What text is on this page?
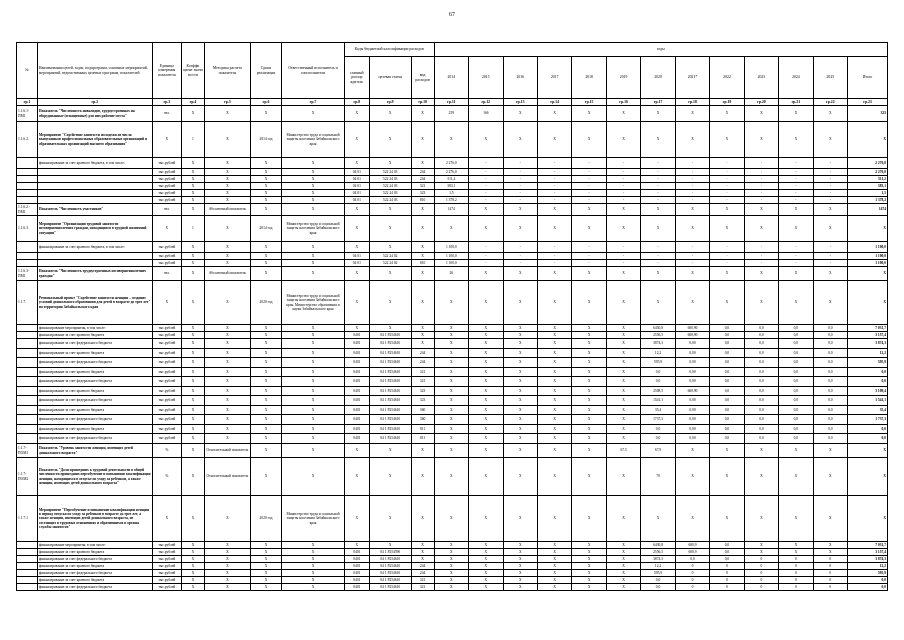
67
№	Наименования целей, задач, подпрограмм, основных мероприятий, мероприятий, ведомственных целевых программ, показателей	Единица измерения показателя	Коэффи циент значи мости	Методика расчета показателя	Сроки реализации	Ответственный исполнитель и соисполнители	Коды бюджетной классификации расходов			годы												
							главный распор ядитель	целевая статья	вид расходов	2014	2015	2016	2017	2018	2019	2020	2021*	2022	2023	2024	2025	Итого
гр.1	гр.2	гр.3	гр.4	гр.5	гр.6	гр.7	гр.8	гр.9	гр.10	гр.11	гр.12	гр.13	гр.14	гр.15	гр.16	гр.17	гр.18	гр.19	гр.20	гр.21	гр.22	гр.23
1.1.6.1- ПМ1	Показатель "Численность инвалидов, трудоустроенных на оборудованные (оснащенные) для них рабочие места"	чел.	X	X	X	X	X	X	X	259	166	X	X	X	X	X	X	X	X	X	X	325
1.1.6.2.	Мероприятие "Содействие занятости молодежи из числа выпускников профессиональных образовательных организаций и образовательных организаций высшего образования"	X	1	X	2014 год	Министерство труда и социальной защиты населения Забайкальского края	X	X	X	X	X	X	X	X	X	X	X	X	X	X	X	X
	финансирование за счет краевого бюджета, в том числе:	тыс.рублей	X	X	X	X	X	X	X	2 276,0	-	-	-	-	-	-	-	-	-	-	-	2 276,0
		тыс.рублей	X	X	X	X	04 01	522 24 03	244	2 276,0	-	-	-	-	-	-	-	-	-	-	-	2 276,0
		тыс.рублей	X	X	X	X	04 01	522 24 03	244	511,2	-	-	-	-	-	-	-	-	-	-	-	511,2
		тыс.рублей	X	X	X	X	04 01	522 24 03	321	383,1	-	-	-	-	-	-	-	-	-	-	-	383,1
		тыс.рублей	X	X	X	X	04 01	522 24 03	323	1,5	-	-	-	-	-	-	-	-	-	-	-	1,5
		тыс.рублей	X	X	X	X	04 01	522 24 03	810	1 378,2	-	-	-	-	-	-	-	-	-	-	-	1 378,2
1.1.6.2.- ПМ1	Показатель "Численность участников"	чел.	X	Абсолютный показатель	X	X	X	X	X	1474	X	X	X	X	X	X	X	X	X	X	X	1474
1.1.6.3.	Мероприятие "Организация трудовой занятости несовершеннолетних граждан, находящихся в трудной жизненной ситуации"	X	1	X	2014 год	Министерство труда и социальной защиты населения Забайкальского края	X	X	X	X	X	X	X	X	X	X	X	X	X	X	X	X
	финансирование за счет краевого бюджета, в том числе:	тыс.рублей	X	X	X	X	X	X	X	1 100,0	-	-	-	-	-	-	-	-	-	-	-	1 100,0
		тыс.рублей	X	X	X	X	04 01	522 24 02	X	1 100,0	-	-	-	-	-	-	-	-	-	-	-	1 100,0
		тыс.рублей	X	X	X	X	04 01	522 24 02	810	1 100,0	-	-	-	-	-	-	-	-	-	-	-	1 100,0
1.1.6.3- ПМ1	Показатель "Численность трудоустроенных несовершеннолетних граждан"	чел.	X	Абсолютный показатель	X	X	X	X	X	26	X	X	X	X	X	X	X	X	X	X	X	X
1.1.7.	Региональный проект "Содействие занятости женщин – создание условий дошкольного образования для детей в возрасте до трех лет" на территории Забайкальского края	X	X	X	2020 год	Министерство труда и социальной защиты населения Забайкальского края, Министерство образования и науки Забайкальского края	X	X	X	X	X	X	X	X	X	X	X	X	X	X	X	X
	финансирование мероприятия, в том числе:	тыс.рублей	X	X	X	X	X	X	X	X	X	X	X	X	X	6430,8	600,90	0,0	0,0	0,0	0,0	7 031,7
	финансирование за счет краевого бюджета	тыс.рублей	X	X	X	X	0401	04 1 P254610	X	X	X	X	X	X	X	2556,5	600,90	0,0	0,0	0,0	0,0	3 157,4
	финансирование за счет федерального бюджета	тыс.рублей	X	X	X	X	0401	04 1 P254610	X	X	X	X	X	X	X	3874,3	0,00	0,0	0,0	0,0	0,0	3 874,3
	финансирование за счет краевого бюджета	тыс.рублей	X	X	X	X	0401	04 1 P254610	244	X	X	X	X	X	X	12,2	0,00	0,0	0,0	0,0	0,0	12,2
	финансирование за счет федерального бюджета	тыс.рублей	X	X	X	X	0401	04 1 P254610	244	X	X	X	X	X	X	595,9	0,00	0,0	0,0	0,0	0,0	595,9
	финансирование за счет краевого бюджета	тыс.рублей	X	X	X	X	0401	04 1 P254610	321	X	X	X	X	X	X	0,0	0,00	0,0	0,0	0,0	0,0	0,0
	финансирование за счет федерального бюджета	тыс.рублей	X	X	X	X	0401	04 1 P254610	321	X	X	X	X	X	X	0,0	0,00	0,0	0,0	0,0	0,0	0,0
	финансирование за счет краевого бюджета	тыс.рублей	X	X	X	X	0401	04 1 P254610	323	X	X	X	X	X	X	2508,5	600,90	0,0	0,0	0,0	0,0	3 109,4
	финансирование за счет федерального бюджета	тыс.рублей	X	X	X	X	0401	04 1 P254610	323	X	X	X	X	X	X	1541,1	0,00	0,0	0,0	0,0	0,0	1 541,1
	финансирование за счет краевого бюджета	тыс.рублей	X	X	X	X	0401	04 1 P254610	360	X	X	X	X	X	X	35,4	0,00	0,0	0,0	0,0	0,0	35,4
	финансирование за счет федерального бюджета	тыс.рублей	X	X	X	X	0401	04 1 P254610	360	X	X	X	X	X	X	1737,3	0,00	0,0	0,0	0,0	0,0	1 737,3
	финансирование за счет краевого бюджета	тыс.рублей	X	X	X	X	0401	04 1 P254610	811	X	X	X	X	X	X	0,0	0,00	0,0	0,0	0,0	0,0	0,0
	финансирование за счет федерального бюджета	тыс.рублей	X	X	X	X	0401	04 1 P254610	811	X	X	X	X	X	X	0,0	0,00	0,0	0,0	0,0	0,0	0,0
1.1.7- ПОМ1	Показатель "Уровень занятости женщин, имеющих детей дошкольного возраста"	%	X	Относительный показатель	X	X	X	X	X	X	X	X	X	X	67,5	67,9	X	X	X	X	X	X
1.1.7- ПОМ2	Показатель "Доля прошедших к трудовой деятельности в общей численности прошедших переобучение и повышение квалификации женщин, находящихся в отпуске по уходу за ребенком, а также женщин, имеющих детей дошкольного возраста"	%	X	Относительный показатель	X	X	X	X	X	X	X	X	X	X	X	70	X	X	X	X	X	X
1.1.7.1	Мероприятие "Переобучение и повышение квалификации женщин в период отпуска по уходу за ребенком в возрасте до трех лет, а также женщин, имеющих детей дошкольного возраста, не состоящих в трудовых отношениях и обратившихся в органы службы занятости"	X	X	X	2020 год	Министерство труда и социальной защиты населения Забайкальского края	X	X	X	X	X	X	X	X	X	X	X	X	X	X	X	X
	финансирование мероприятия, в том числе:	тыс.рублей	X	X	X	X	X	X	X	X	X	X	X	X	X	6430,8	600,9	0,0	X	X	X	7 031,7
	финансирование за счет краевого бюджета	тыс.рублей	X	X	X	X	0401	04 1 P254590	X	X	X	X	X	X	X	2556,5	600,9	0,0	X	X	X	3 157,4
	финансирование за счет федерального бюджета	тыс.рублей	X	X	X	X	0401	04 1 P254610	X	X	X	X	X	X	X	3874,3	0,0	0,0	0	0	0	3 874,3
	финансирование за счет краевого бюджета	тыс.рублей	X	X	X	X	0401	04 1 P254610	244	X	X	X	X	X	X	12,2	0	0	0	0	0	12,2
	финансирование за счет федерального бюджета	тыс.рублей	X	X	X	X	0401	04 1 P254610	244	X	X	X	X	X	X	595,9	0	0	0	0	0	595,9
	финансирование за счет краевого бюджета	тыс.рублей	X	X	X	X	0401	04 1 P254610	321	X	X	X	X	X	X	0,0	0	0	0	0	0	0,0
	финансирование за счет федерального бюджета	тыс.рублей	X	X	X	X	0401	04 1 P254610	321	X	X	X	X	X	X	0,0	0	0	0	0	0	0,0
